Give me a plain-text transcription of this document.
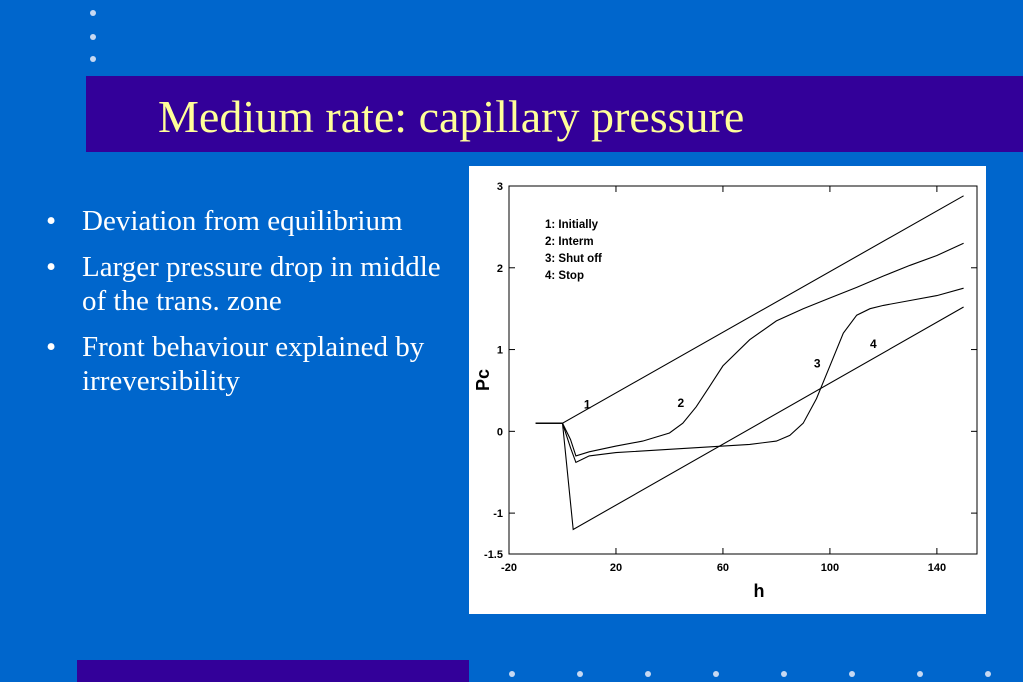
Medium rate: capillary pressure
• Deviation from equilibrium
• Larger pressure drop in middle of the trans. zone
• Front behaviour explained by irreversibility
-1.5
-1
0
1
2
3
-20	20	60	100	140
1	2
3
4
1: Initially
2: Interm
3: Shut off
4: Stop
h
Pc
